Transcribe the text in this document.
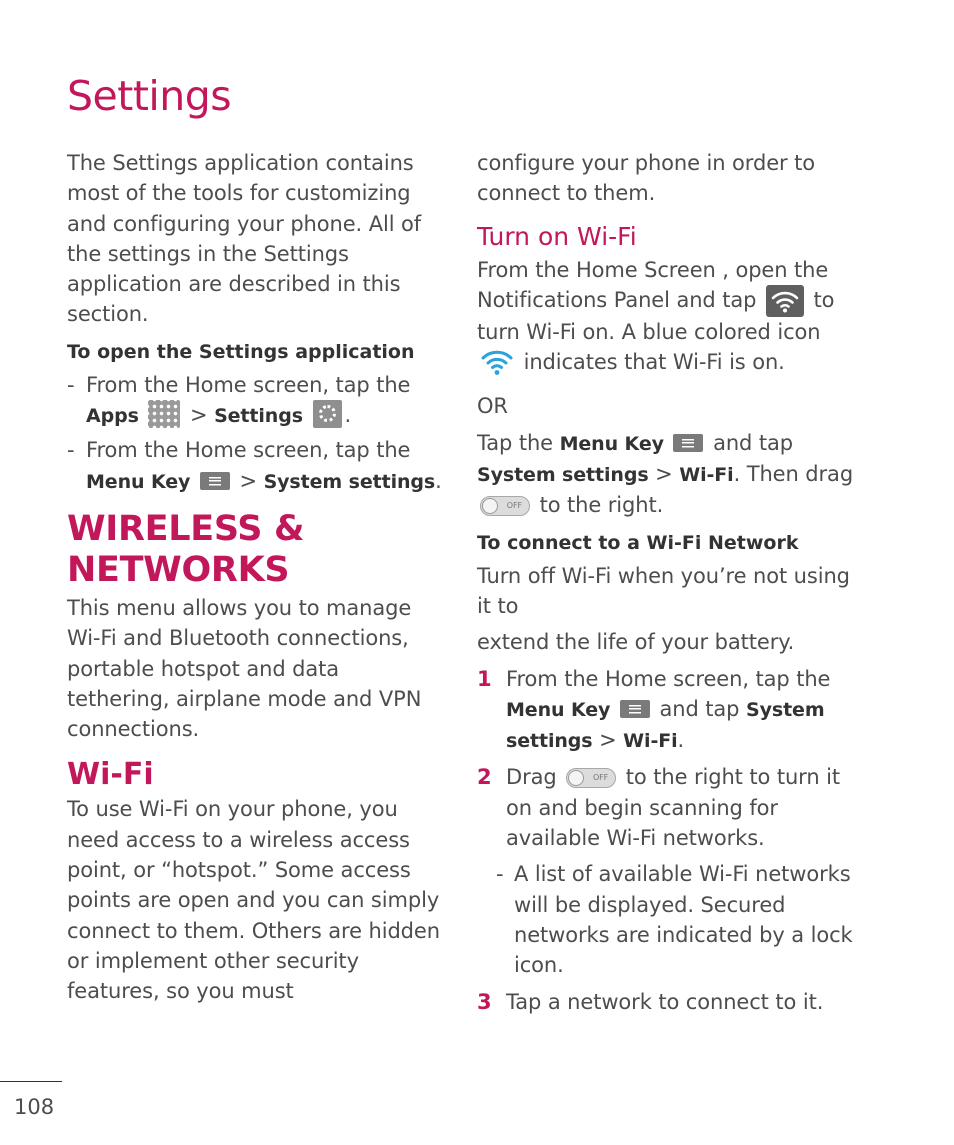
Settings

The Settings application contains most of the tools for customizing and configuring your phone. All of the settings in the Settings application are described in this section.

To open the Settings application

- From the Home screen, tap the Apps > Settings .
- From the Home screen, tap the Menu Key > System settings.
WIRELESS & NETWORKS

This menu allows you to manage Wi-Fi and Bluetooth connections, portable hotspot and data tethering, airplane mode and VPN connections.

Wi-Fi

To use Wi-Fi on your phone, you need access to a wireless access point, or “hotspot.” Some access points are open and you can simply connect to them. Others are hidden or implement other security features, so you must

configure your phone in order to connect to them.

Turn on Wi-Fi

From the Home Screen , open the Notifications Panel and tap	to turn Wi-Fi on. A blue colored icon  indicates that Wi-Fi is on.

OR

Tap the Menu Key and tap System settings > Wi-Fi. Then drag
OFF to the right.

To connect to a Wi-Fi Network

Turn off Wi-Fi when you’re not using it to

extend the life of your battery.

1 From the Home screen, tap the Menu Key and tap System settings > Wi-Fi.
2 Drag	OFF to the right to turn it on and begin scanning for available Wi-Fi networks.
- A list of available Wi-Fi networks will be displayed. Secured networks are indicated by a lock icon.
3 Tap a network to connect to it.
108
